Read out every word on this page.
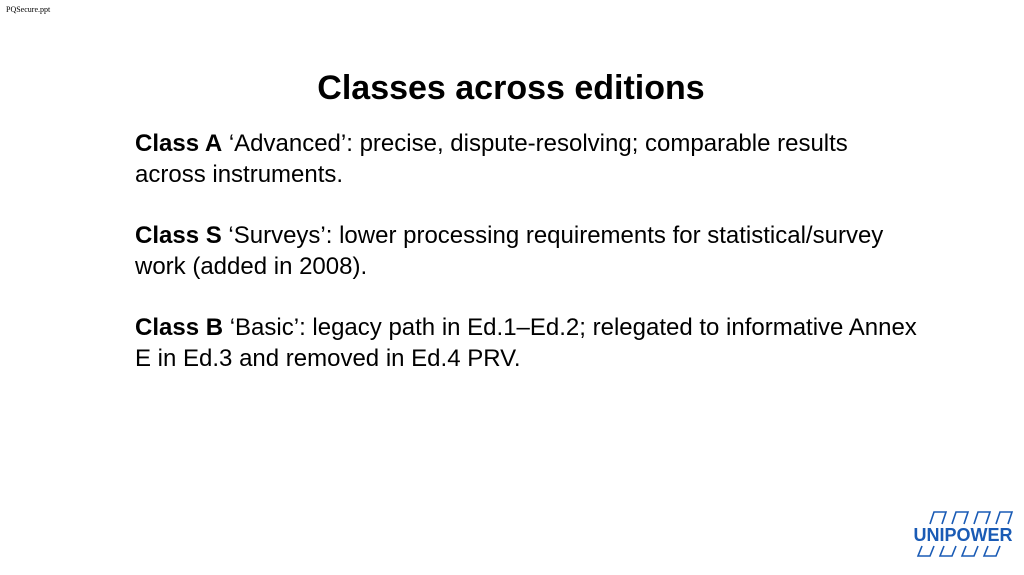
PQSecure.ppt
Classes across editions

Class A ‘Advanced’: precise, dispute-resolving; comparable results across instruments.

Class S ‘Surveys’: lower processing requirements for statistical/survey work (added in 2008).

Class B ‘Basic’: legacy path in Ed.1–Ed.2; relegated to informative Annex E in Ed.3 and removed in Ed.4 PRV.

UNIPOWER
